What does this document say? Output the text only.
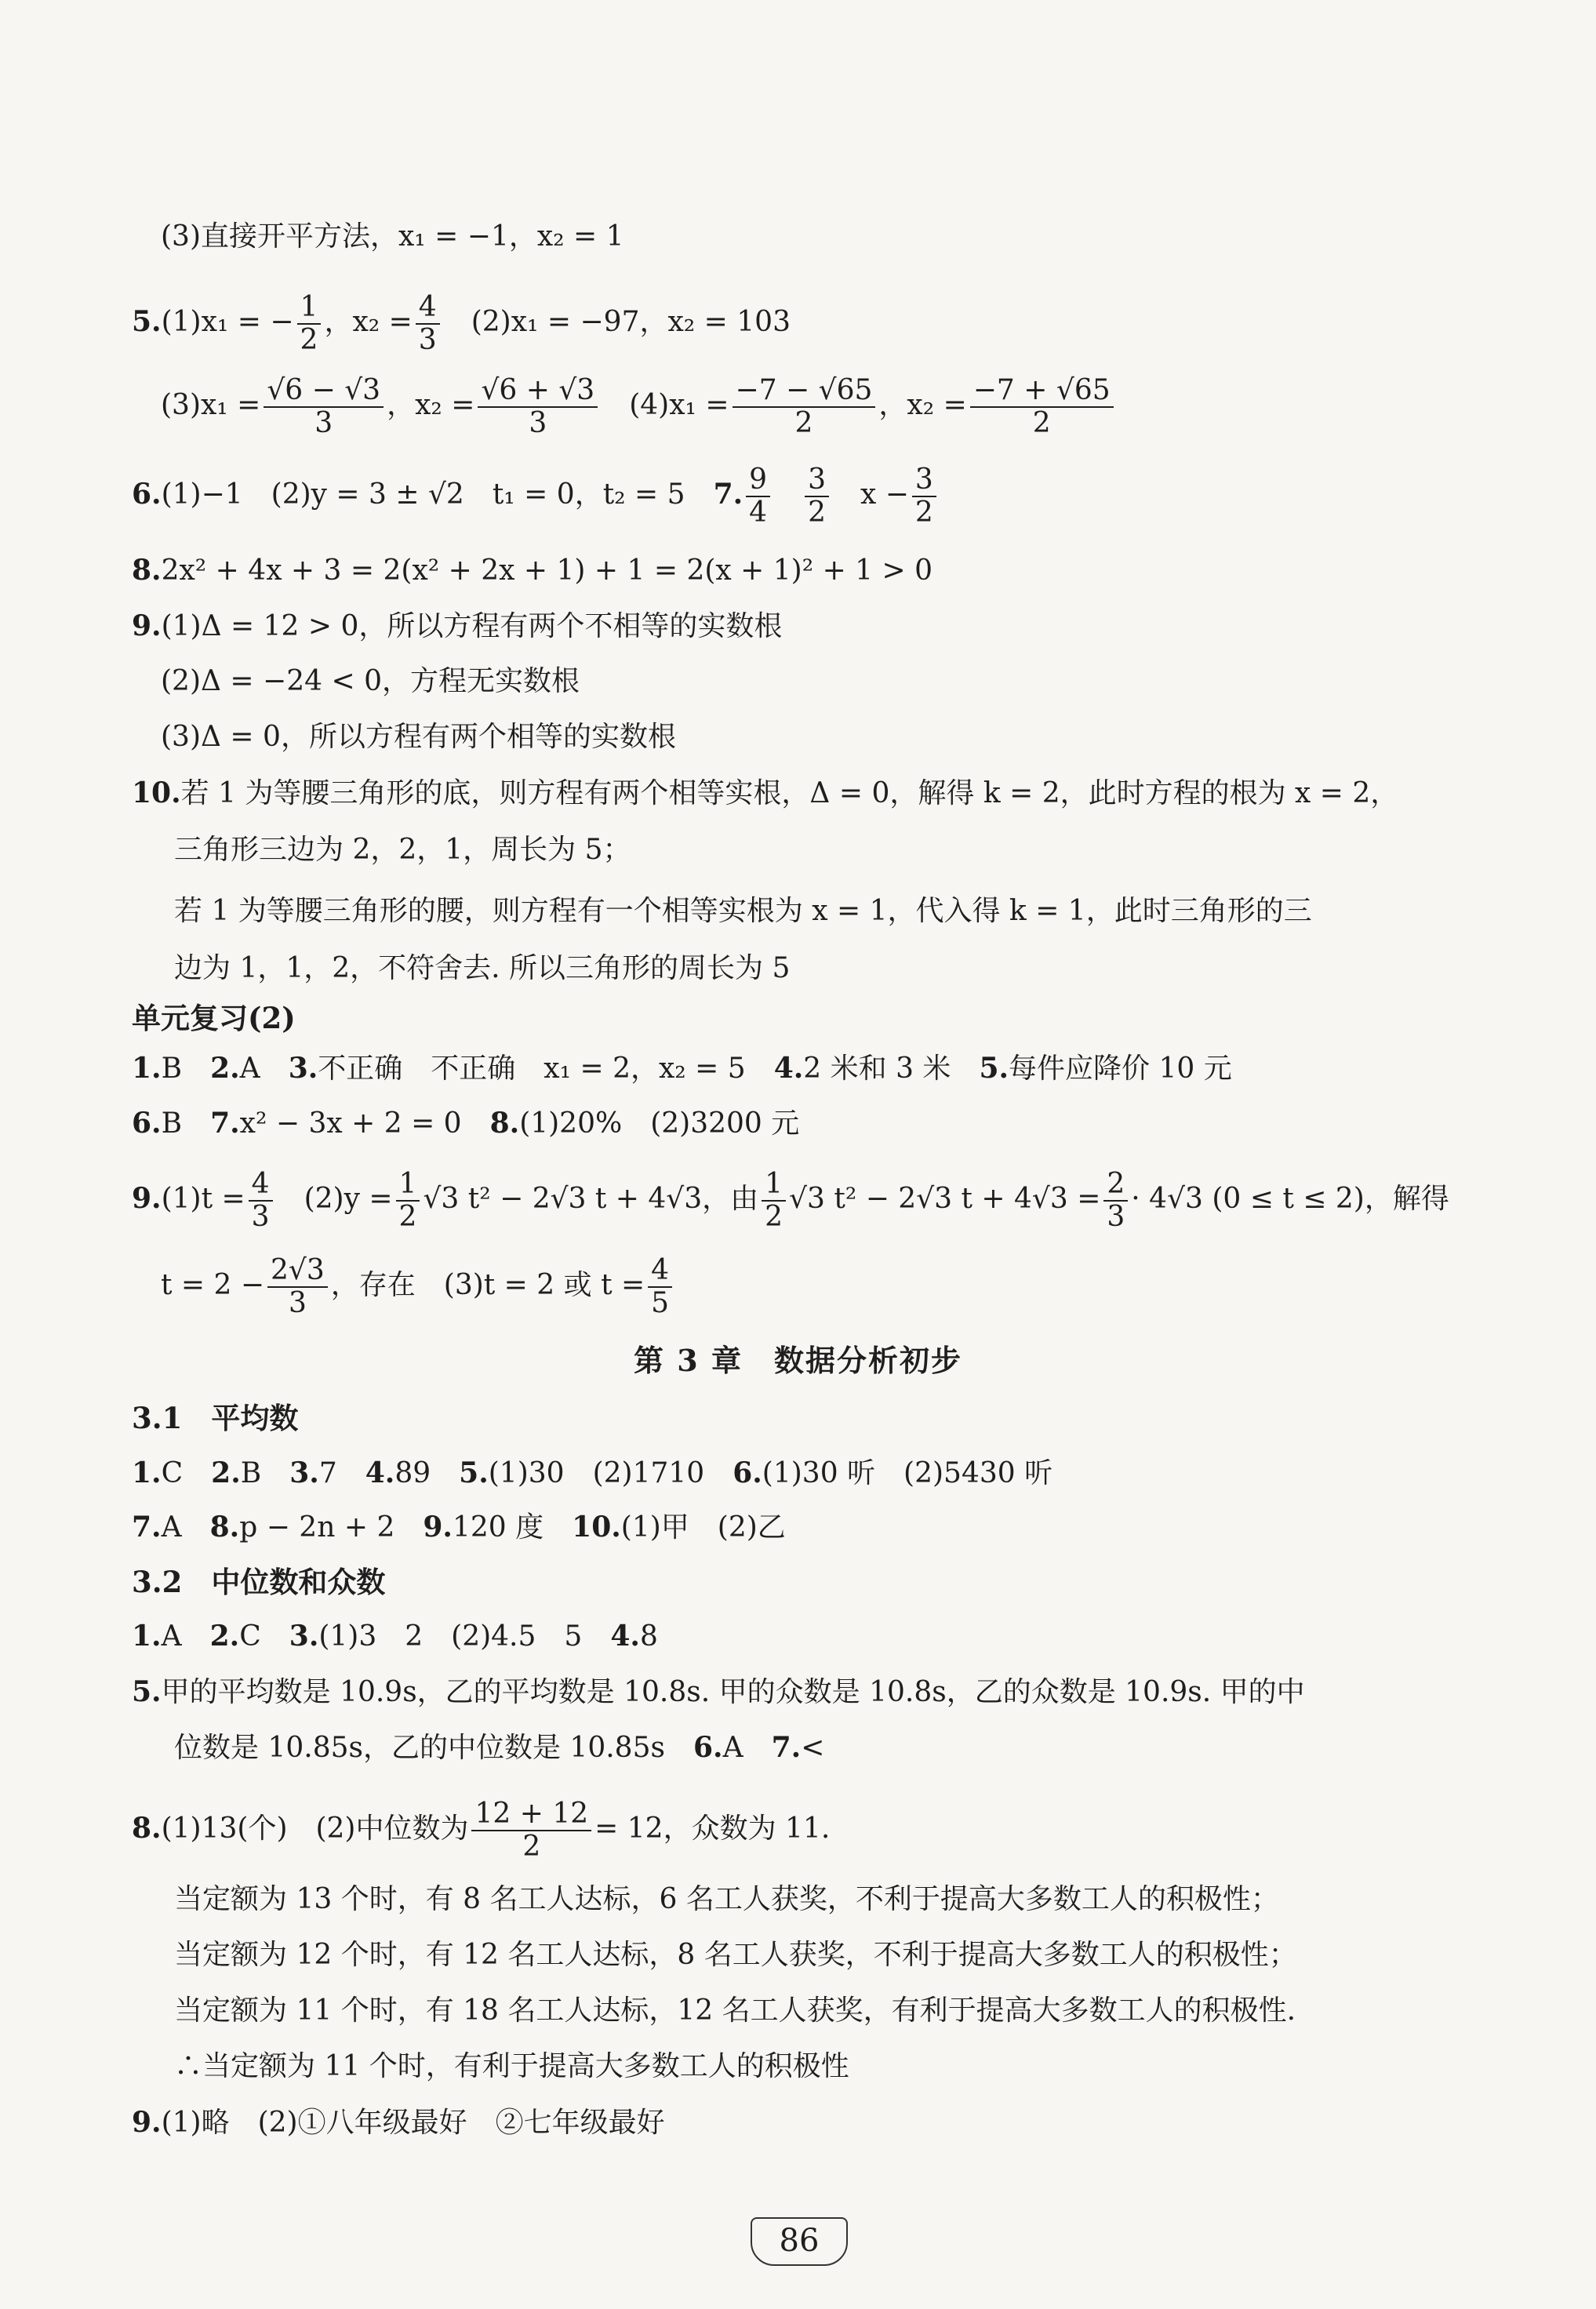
(3)直接开平方法，x₁ = −1，x₂ = 1
5.(1)x₁ = − $\frac{1}{2}$ ，$x_2 = \frac{4}{3}$
　 (2)x₁ = −97，x₂ = 103
$(3)x_1 = \frac{√6 - √3}{3}$ ，$x_2 = \frac{√6 + √3}{3}$
　 $(4)x_1 = \frac{-7 - √65}{2}$ ，$x_2 = \frac{-7 + √65}{2}$
6.(1)−1　(2)y = 3 ± √2　t₁ = 0，t₂ = 5　 7. $\frac{9}{4}$
　 $\frac{3}{2}$
　 $x - \frac{3}{2}$
8.2x² + 4x + 3 = 2(x² + 2x + 1) + 1 = 2(x + 1)² + 1 > 0
9.(1)Δ = 12 > 0，所以方程有两个不相等的实数根
(2)Δ = −24 < 0，方程无实数根
(3)Δ = 0，所以方程有两个相等的实数根
10.若 1 为等腰三角形的底，则方程有两个相等实根，Δ = 0，解得 k = 2，此时方程的根为 x = 2，
三角形三边为 2，2，1，周长为 5；
若 1 为等腰三角形的腰，则方程有一个相等实根为 x = 1，代入得 k = 1，此时三角形的三
边为 1，1，2，不符舍去. 所以三角形的周长为 5
单元复习(2)
1.B　 2.A　 3.不正确　不正确　x₁ = 2，x₂ = 5　 4.2 米和 3 米　 5.每件应降价 10 元
6.B　 7.x² − 3x + 2 = 0　 8.(1)20%　(2)3200 元
$9.(1)t = \frac{4}{3}$
　 $(2)y = \frac{1}{2} √3$ t² − 2√3 t + 4√3，由 $\frac{1}{2} √3$ t² − 2√3 $t + 4√3 = \frac{2}{3} \cdot 4√3$ (0 ≤ t ≤ 2)，解得
$t = 2 - \frac{2√3}{3}$ ，存在　(3)t = 2 或 $t = \frac{4}{5}$
第 3 章　数据分析初步
3.1　平均数
1.C　 2.B　 3.7　 4.89　 5.(1)30　(2)1710　 6.(1)30 听　(2)5430 听
7.A　 8.p − 2n + 2　 9.120 度　 10.(1)甲　(2)乙
3.2　中位数和众数
1.A　 2.C　 3.(1)3　2　(2)4.5　5　 4.8
5.甲的平均数是 10.9s，乙的平均数是 10.8s. 甲的众数是 10.8s，乙的众数是 10.9s. 甲的中
位数是 10.85s，乙的中位数是 10.85s　 6.A　 7.<
8.(1)13(个)　(2)中位数为 $\frac{12 + 12}{2} = 12$，众数为 11.
当定额为 13 个时，有 8 名工人达标，6 名工人获奖，不利于提高大多数工人的积极性；
当定额为 12 个时，有 12 名工人达标，8 名工人获奖，不利于提高大多数工人的积极性；
当定额为 11 个时，有 18 名工人达标，12 名工人获奖，有利于提高大多数工人的积极性.
∴当定额为 11 个时，有利于提高大多数工人的积极性
9.(1)略　(2)①八年级最好　②七年级最好
86
